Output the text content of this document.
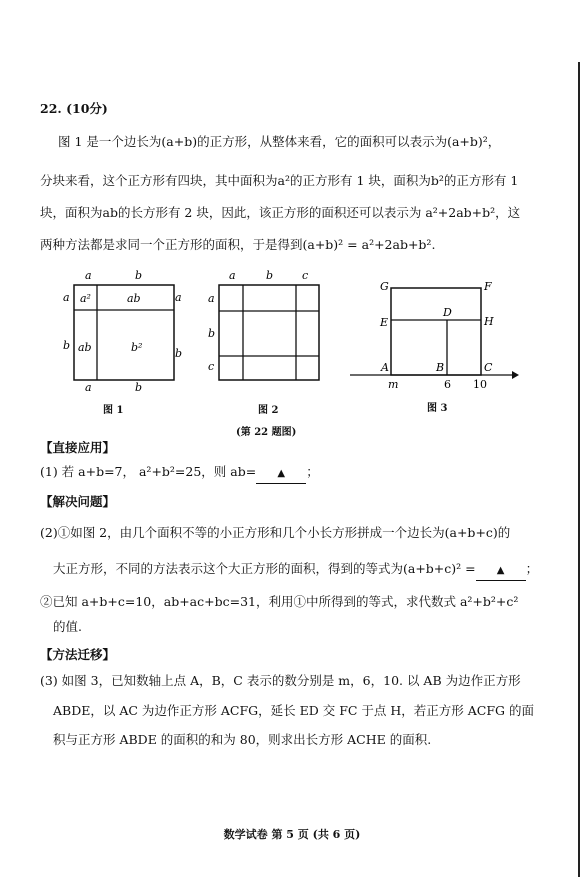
22. (10分)
图 1 是一个边长为(a+b)的正方形，从整体来看，它的面积可以表示为(a+b)²，
分块来看，这个正方形有四块，其中面积为a²的正方形有 1 块，面积为b²的正方形有 1
块，面积为ab的长方形有 2 块，因此，该正方形的面积还可以表示为 a²+2ab+b²，这
两种方法都是求同一个正方形的面积，于是得到(a+b)² = a²+2ab+b².
a	b
a	b
a
b
a
b
a²	ab
ab	b²
图 1
a	b	c
a
b
c
图 2
G	F
E
D
H
A	B	C
m	6 10
图 3
(第 22 题图)
【直接应用】
(1) 若 a+b=7， a²+b²=25，则 ab= ▲ ；
【解决问题】
(2)①如图 2，由几个面积不等的小正方形和几个小长方形拼成一个边长为(a+b+c)的
大正方形，不同的方法表示这个大正方形的面积，得到的等式为(a+b+c)² = ▲ ；
②已知 a+b+c=10，ab+ac+bc=31，利用①中所得到的等式，求代数式 a²+b²+c²
的值.
【方法迁移】
(3) 如图 3，已知数轴上点 A，B，C 表示的数分别是 m，6，10. 以 AB 为边作正方形
ABDE，以 AC 为边作正方形 ACFG，延长 ED 交 FC 于点 H，若正方形 ACFG 的面
积与正方形 ABDE 的面积的和为 80，则求出长方形 ACHE 的面积.
数学试卷 第 5 页 (共 6 页)
